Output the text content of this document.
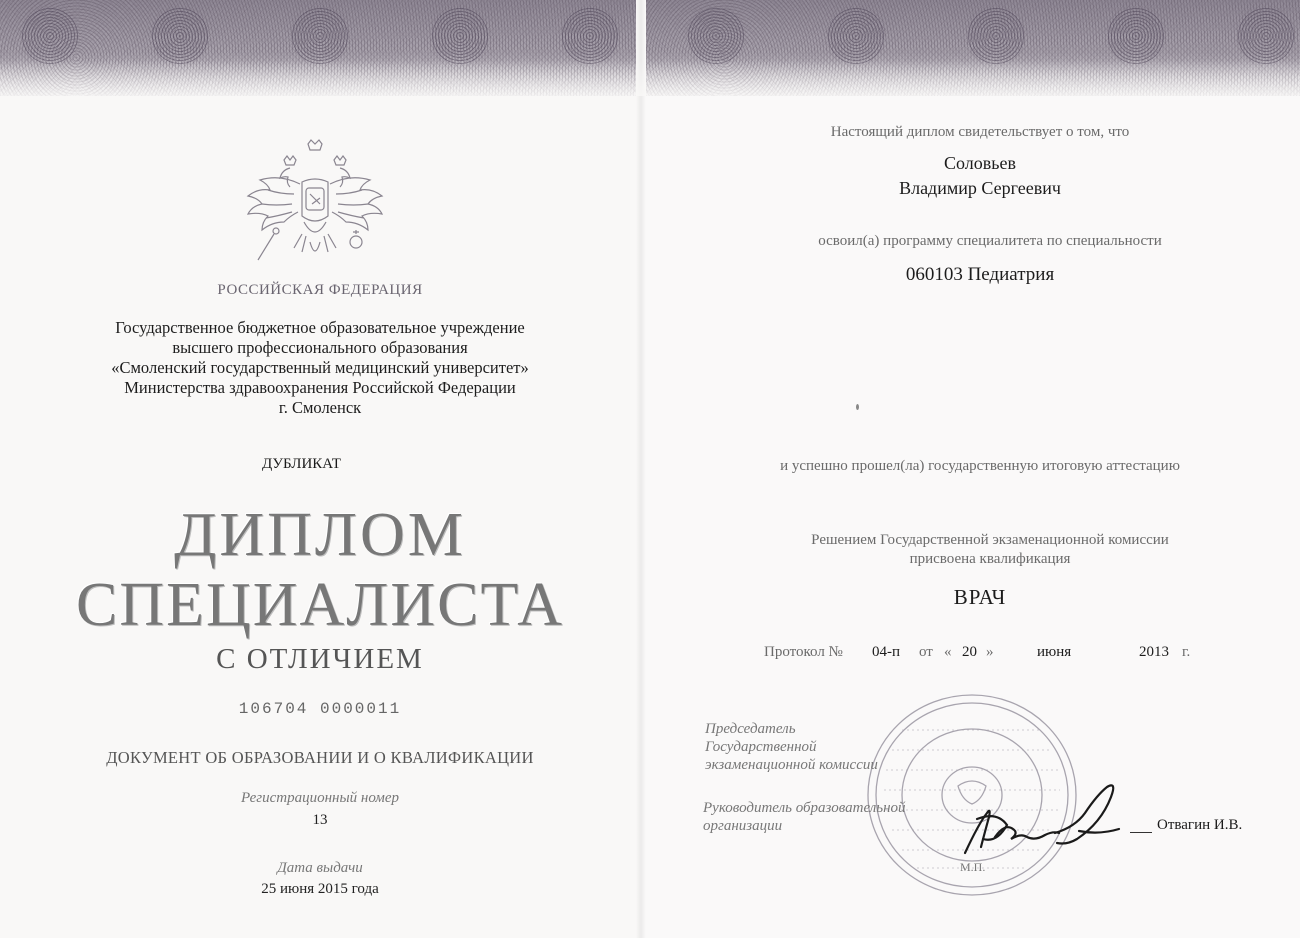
РОССИЙСКАЯ ФЕДЕРАЦИЯ
Государственное бюджетное образовательное учреждение
высшего профессионального образования
«Смоленский государственный медицинский университет»
Министерства здравоохранения Российской Федерации
г. Смоленск
ДУБЛИКАТ
ДИПЛОМ
СПЕЦИАЛИСТА
С ОТЛИЧИЕМ
106704 0000011
ДОКУМЕНТ ОБ ОБРАЗОВАНИИ И О КВАЛИФИКАЦИИ
Регистрационный номер
13
Дата выдачи
25 июня 2015 года
Настоящий диплом свидетельствует о том, что
Соловьев
Владимир Сергеевич
освоил(а) программу специалитета по специальности
060103 Педиатрия
и успешно прошел(ла) государственную итоговую аттестацию
Решением Государственной экзаменационной комиссии
присвоена квалификация
ВРАЧ
Протокол № 04-п от « 20 »	июня	2013 г.
Председатель
Государственной
экзаменационной комиссии
Руководитель образовательной
организации	Отвагин И.В.
М.П.
